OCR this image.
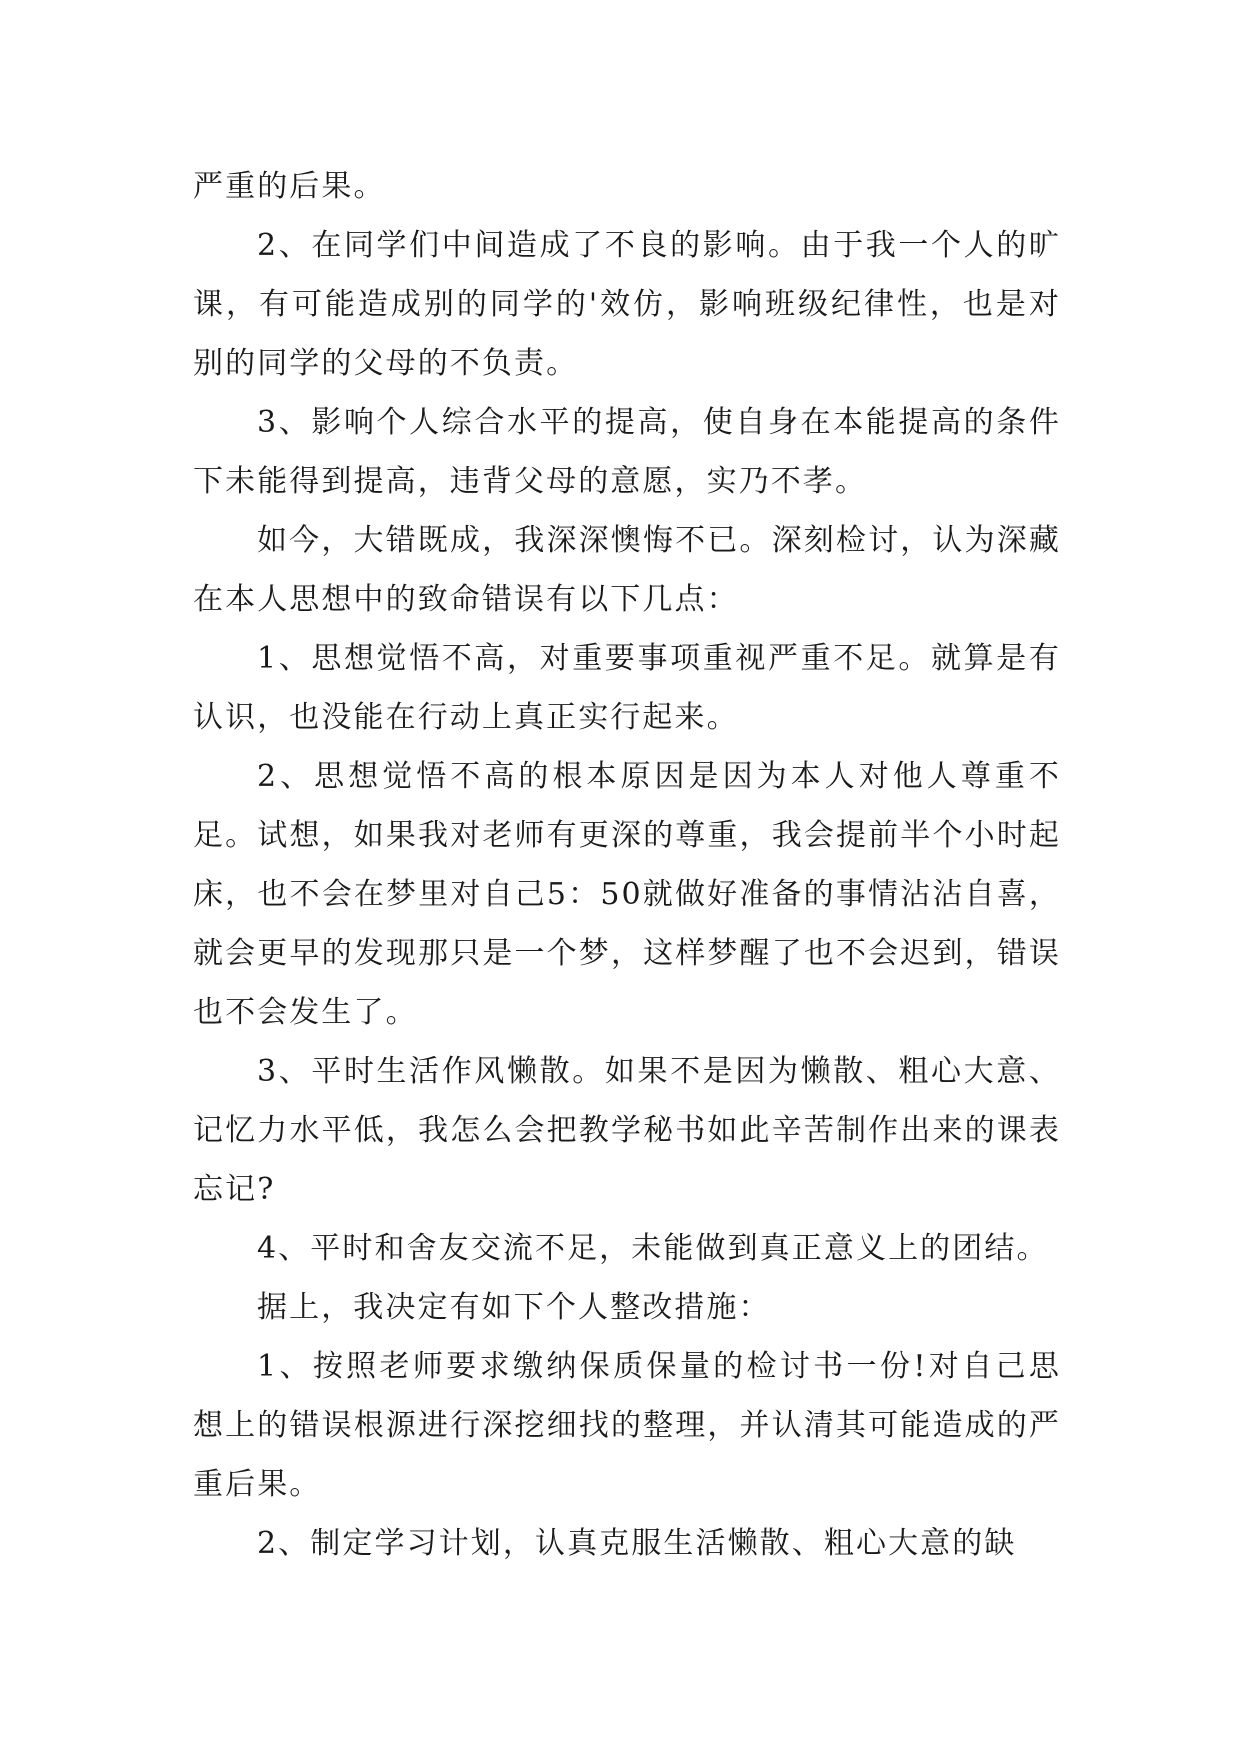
严重的后果。

2、在同学们中间造成了不良的影响。由于我一个人的旷课，有可能造成别的同学的'效仿，影响班级纪律性，也是对别的同学的父母的不负责。

3、影响个人综合水平的提高，使自身在本能提高的条件下未能得到提高，违背父母的意愿，实乃不孝。

如今，大错既成，我深深懊悔不已。深刻检讨，认为深藏在本人思想中的致命错误有以下几点：

1、思想觉悟不高，对重要事项重视严重不足。就算是有认识，也没能在行动上真正实行起来。

2、思想觉悟不高的根本原因是因为本人对他人尊重不足。试想，如果我对老师有更深的尊重，我会提前半个小时起床，也不会在梦里对自己5：50就做好准备的事情沾沾自喜，就会更早的发现那只是一个梦，这样梦醒了也不会迟到，错误也不会发生了。

3、平时生活作风懒散。如果不是因为懒散、粗心大意、记忆力水平低，我怎么会把教学秘书如此辛苦制作出来的课表忘记?

4、平时和舍友交流不足，未能做到真正意义上的团结。

据上，我决定有如下个人整改措施：

1、按照老师要求缴纳保质保量的检讨书一份!对自己思想上的错误根源进行深挖细找的整理，并认清其可能造成的严重后果。

2、制定学习计划，认真克服生活懒散、粗心大意的缺
